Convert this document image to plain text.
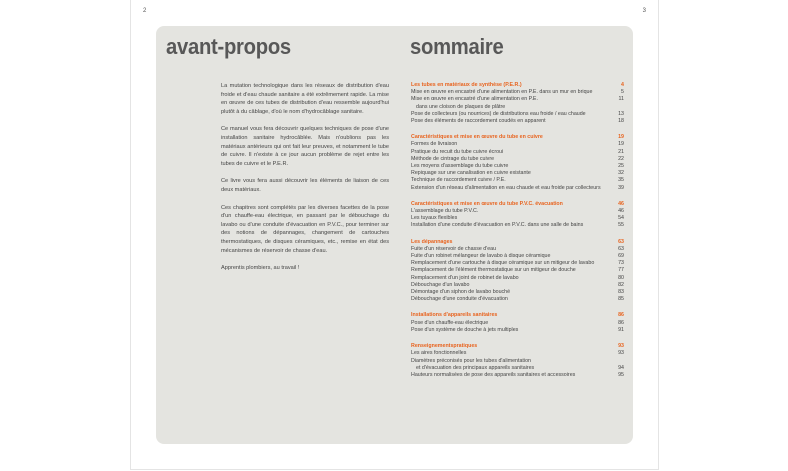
2	3
avant-propos	sommaire

La mutation technologique dans les réseaux de distribution d'eau froide et d'eau chaude sanitaire a été extrêmement rapide. La mise en œuvre de ces tubes de distribution d'eau ressemble aujourd'hui plutôt à du câblage, d'où le nom d'hydrocâblage sanitaire.

Ce manuel vous fera découvrir quelques techniques de pose d'une installation sanitaire hydrocâblée. Mais n'oublions pas les matériaux antérieurs qui ont fait leur preuves, et notamment le tube de cuivre. Il n'existe à ce jour aucun problème de rejet entre les tubes de cuivre et le P.E.R.

Ce livre vous fera aussi découvrir les éléments de liaison de ces deux matériaux.

Ces chapitres sont complétés par les diverses facettes de la pose d'un chauffe-eau électrique, en passant par le débouchage du lavabo ou d'une conduite d'évacuation en P.V.C., pour terminer sur des notions de dépannages, changement de cartouches thermostatiques, de disques céramiques, etc., remise en état des mécanismes de réservoir de chasse d'eau.

Apprentis plombiers, au travail !

Les tubes en matériaux de synthèse (P.E.R.)	4
Mise en œuvre en encastré d'une alimentation en P.E. dans un mur en brique	5
Mise en œuvre en encastré d'une alimentation en P.E.	11
dans une cloison de plaques de plâtre
Pose de collecteurs (ou nourrices) de distributions eau froide / eau chaude	13
Pose des éléments de raccordement coudés en apparent	18
Caractéristiques et mise en œuvre du tube en cuivre	19
Formes de livraison	19
Pratique du recuit du tube cuivre écroui	21
Méthode de cintrage du tube cuivre	22
Les moyens d'assemblage du tube cuivre	25
Repiquage sur une canalisation en cuivre existante	32
Technique de raccordement cuivre / P.E.	35
Extension d'un réseau d'alimentation en eau chaude et eau froide par collecteurs	39
Caractéristiques et mise en œuvre du tube P.V.C. évacuation	46
L'assemblage du tube P.V.C.	46
Les tuyaux flexibles	54
Installation d'une conduite d'évacuation en P.V.C. dans une salle de bains	55
Les dépannages	63
Fuite d'un réservoir de chasse d'eau	63
Fuite d'un robinet mélangeur de lavabo à disque céramique	69
Remplacement d'une cartouche à disque céramique sur un mitigeur de lavabo	73
Remplacement de l'élément thermostatique sur un mitigeur de douche	77
Remplacement d'un joint de robinet de lavabo	80
Débouchage d'un lavabo	82
Démontage d'un siphon de lavabo bouché	83
Débouchage d'une conduite d'évacuation	85
Installations d'appareils sanitaires	86
Pose d'un chauffe-eau électrique	86
Pose d'un système de douche à jets multiples	91
Renseignementspratiques	93
Les aires fonctionnelles	93
Diamètres préconisés pour les tubes d'alimentation
et d'évacuation des principaux appareils sanitaires	94
Hauteurs normalisées de pose des appareils sanitaires et accessoires	95
